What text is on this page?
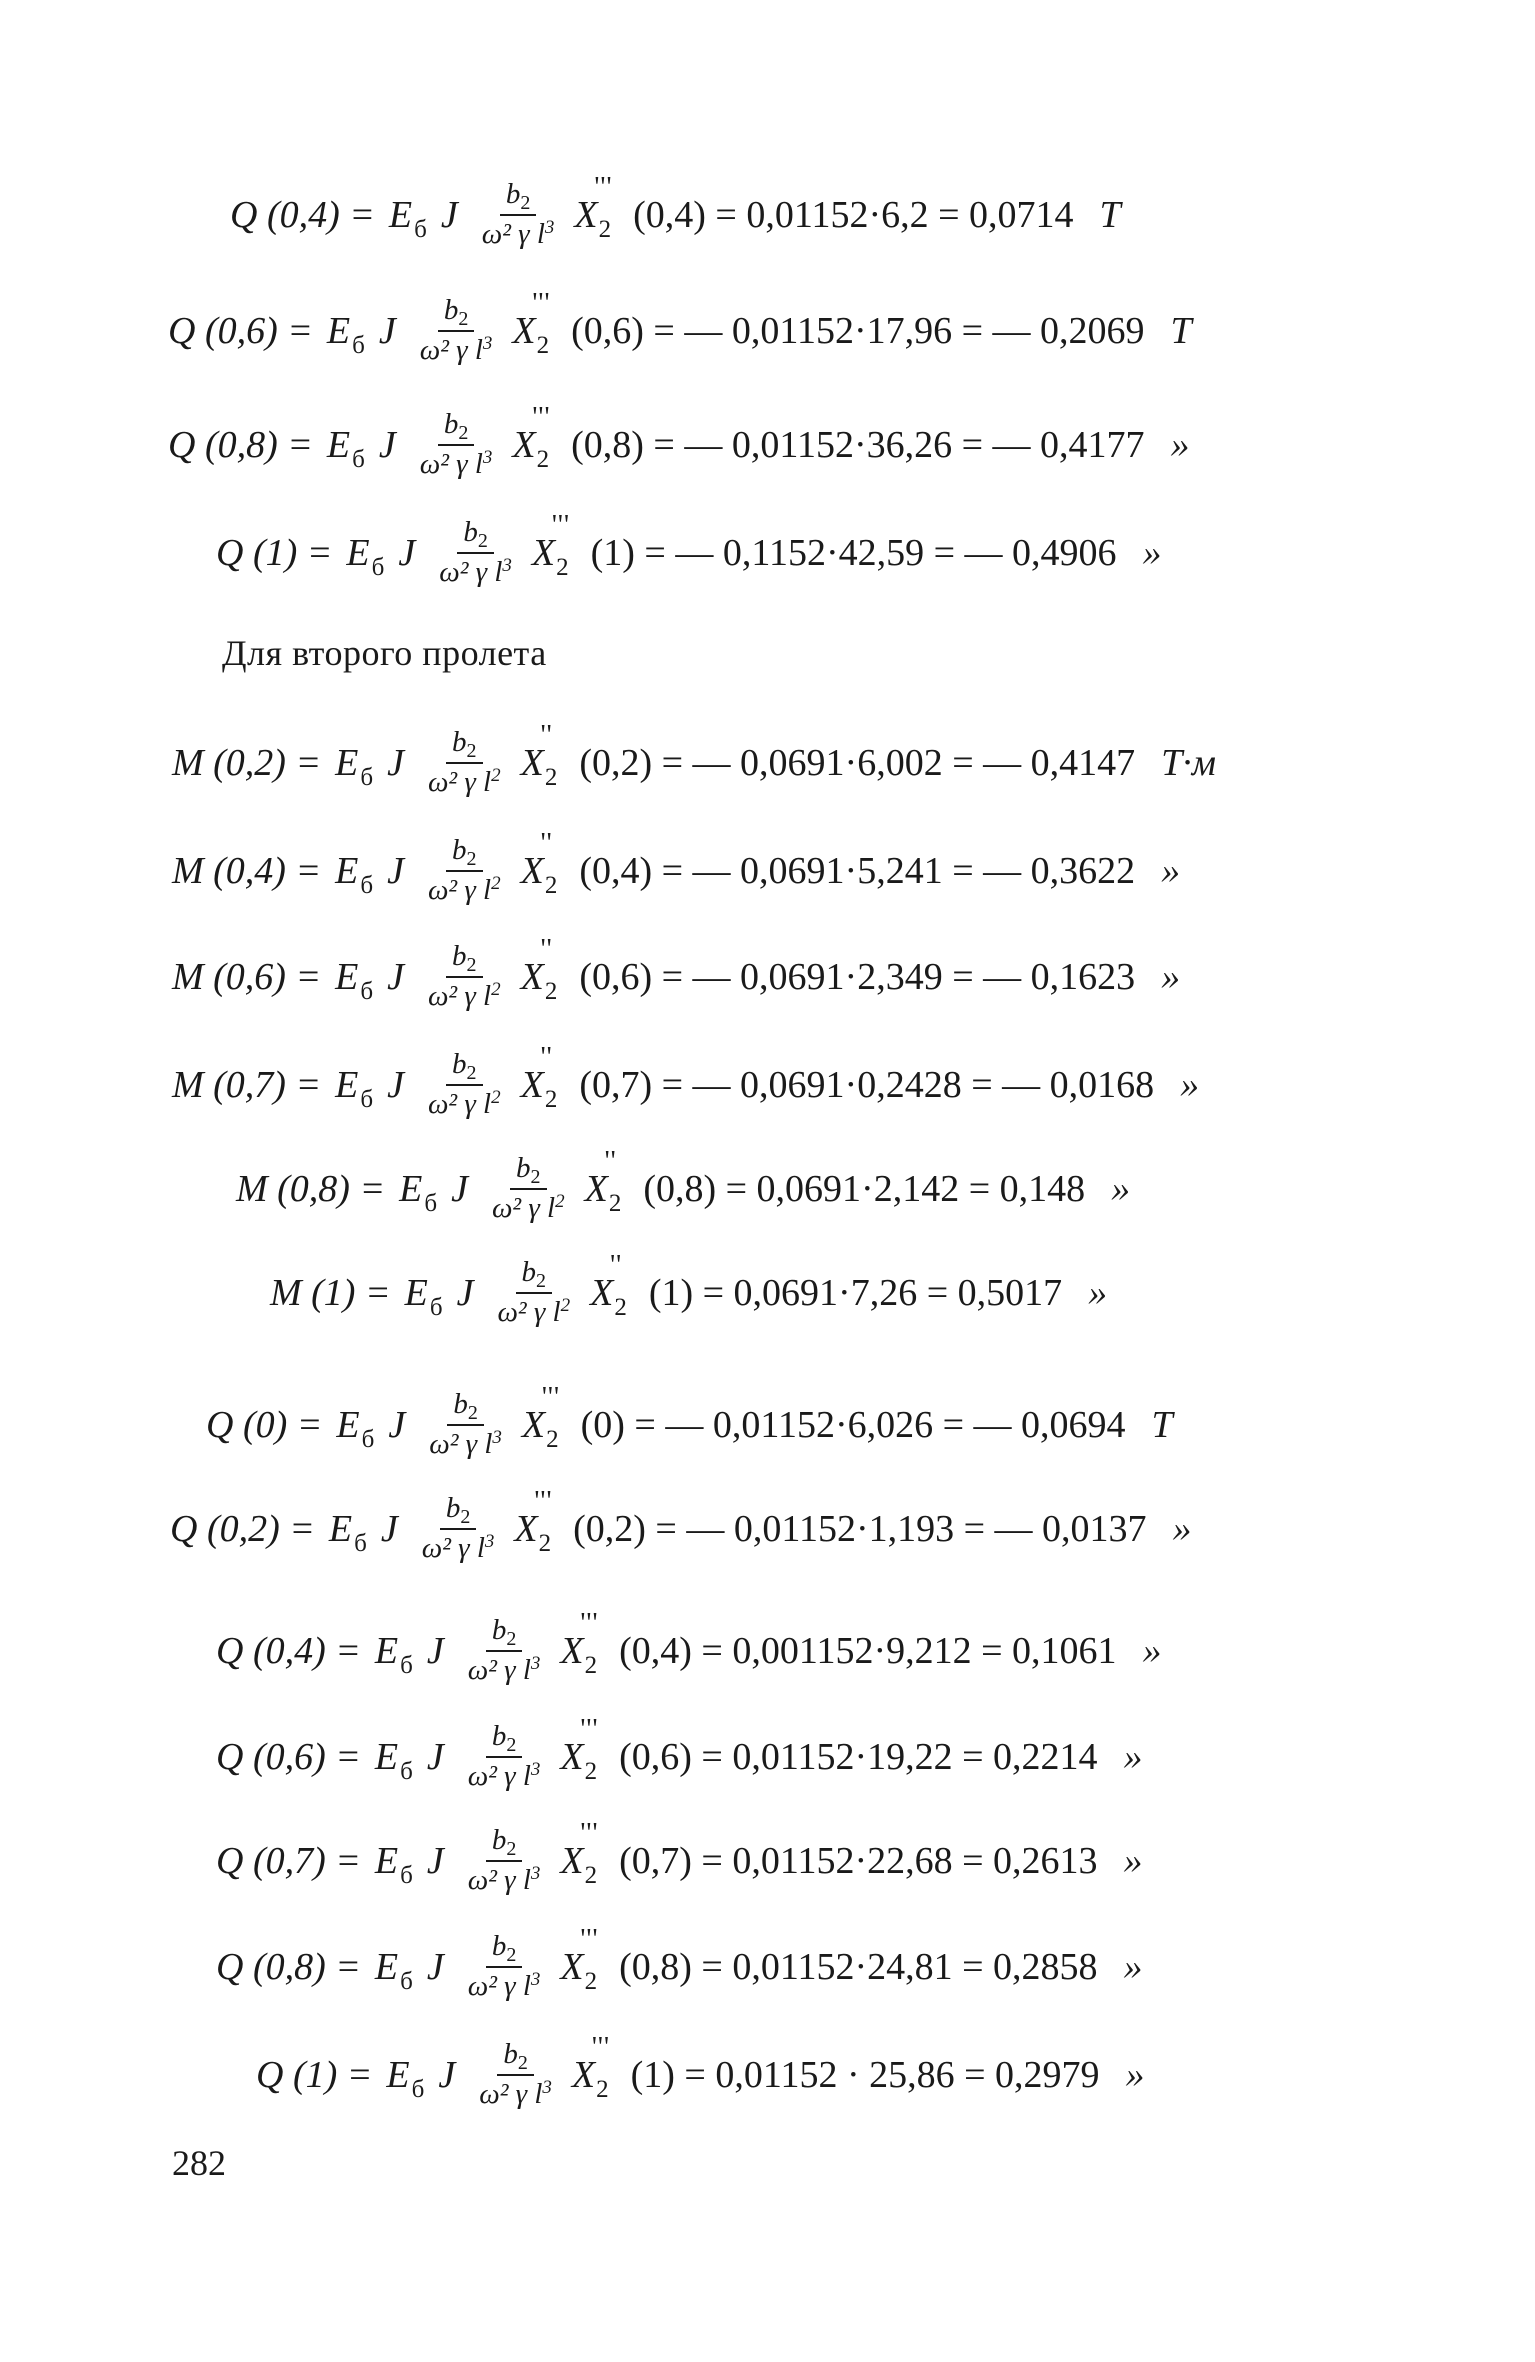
Q $(0,4) = E_б$ J $\frac{b_2}{\omega^2 \gamma l^3}$ X
'''
$_2$ (0,4) = 0,01152·6,2 = 0,0714 T
Q $(0,6) = E_б$ J $\frac{b_2}{\omega^2 \gamma l^3}$ X
'''
$_2$ (0,6) = — 0,01152·17,96 = — 0,2069 T
Q $(0,8) = E_б$ J $\frac{b_2}{\omega^2 \gamma l^3}$ X
'''
$_2$ (0,8) = — 0,01152·36,26 = — 0,4177 »
Q $(1) = E_б$ J $\frac{b_2}{\omega^2 \gamma l^3}$ X
'''
$_2$ (1) = — 0,1152·42,59 = — 0,4906 »
Для второго пролета
M $(0,2) = E_б$ J $\frac{b_2}{\omega^2 \gamma l^2}$ X
''
$_2$ (0,2) = — 0,0691·6,002 = — 0,4147 T·м
M $(0,4) = E_б$ J $\frac{b_2}{\omega^2 \gamma l^2}$ X
''
$_2$ (0,4) = — 0,0691·5,241 = — 0,3622 »
M $(0,6) = E_б$ J $\frac{b_2}{\omega^2 \gamma l^2}$ X
''
$_2$ (0,6) = — 0,0691·2,349 = — 0,1623 »
M $(0,7) = E_б$ J $\frac{b_2}{\omega^2 \gamma l^2}$ X
''
$_2$ (0,7) = — 0,0691·0,2428 = — 0,0168 »
M $(0,8) = E_б$ J $\frac{b_2}{\omega^2 \gamma l^2}$ X
''
$_2$ (0,8) = 0,0691·2,142 = 0,148 »
M $(1) = E_б$ J $\frac{b_2}{\omega^2 \gamma l^2}$ X
''
$_2$ (1) = 0,0691·7,26 = 0,5017 »
Q $(0) = E_б$ J $\frac{b_2}{\omega^2 \gamma l^3}$ X
'''
$_2$ (0) = — 0,01152·6,026 = — 0,0694 T
Q $(0,2) = E_б$ J $\frac{b_2}{\omega^2 \gamma l^3}$ X
'''
$_2$ (0,2) = — 0,01152·1,193 = — 0,0137 »
Q $(0,4) = E_б$ J $\frac{b_2}{\omega^2 \gamma l^3}$ X
'''
$_2$ (0,4) = 0,001152·9,212 = 0,1061 »
Q $(0,6) = E_б$ J $\frac{b_2}{\omega^2 \gamma l^3}$ X
'''
$_2$ (0,6) = 0,01152·19,22 = 0,2214 »
Q $(0,7) = E_б$ J $\frac{b_2}{\omega^2 \gamma l^3}$ X
'''
$_2$ (0,7) = 0,01152·22,68 = 0,2613 »
Q $(0,8) = E_б$ J $\frac{b_2}{\omega^2 \gamma l^3}$ X
'''
$_2$ (0,8) = 0,01152·24,81 = 0,2858 »
Q $(1) = E_б$ J $\frac{b_2}{\omega^2 \gamma l^3}$ X
'''
$_2$ (1) = 0,01152 · 25,86 = 0,2979 »
282
